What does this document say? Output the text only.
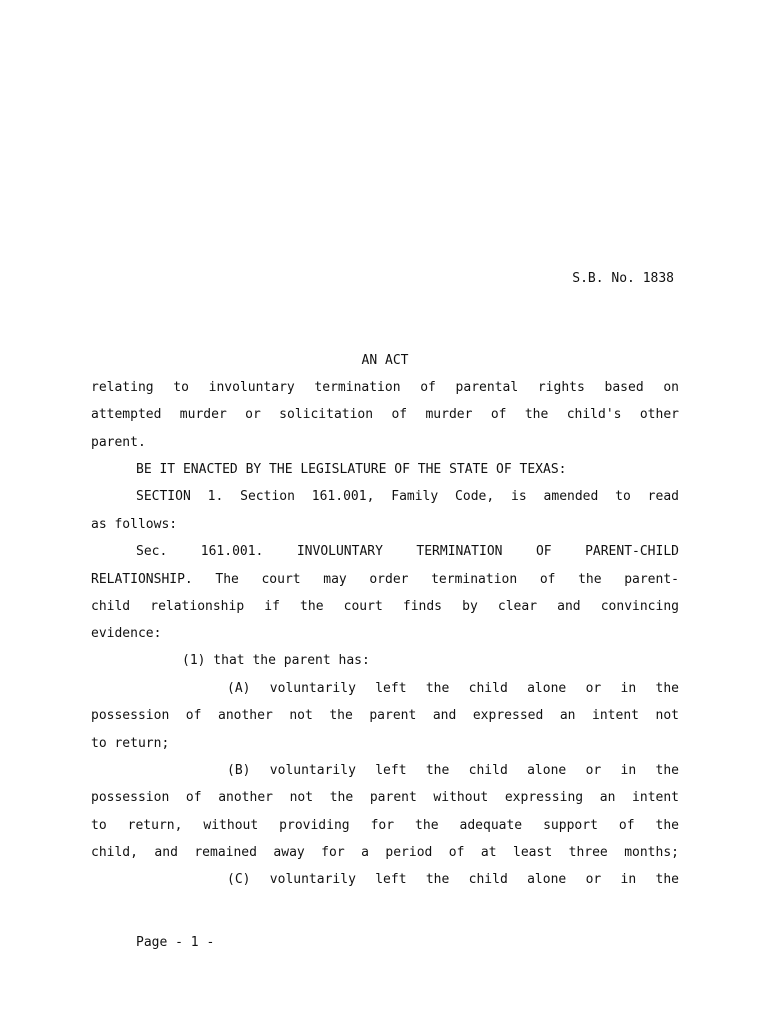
S.B. No. 1838
AN ACT
relating to involuntary termination of parental rights based on
attempted murder or solicitation of murder of the child's other
parent.
BE IT ENACTED BY THE LEGISLATURE OF THE STATE OF TEXAS:
SECTION 1. Section 161.001, Family Code, is amended to read
as follows:
Sec. 161.001. INVOLUNTARY TERMINATION OF PARENT-CHILD
RELATIONSHIP. The court may order termination of the parent-
child relationship if the court finds by clear and convincing
evidence:
(1) that the parent has:
(A) voluntarily left the child alone or in the
possession of another not the parent and expressed an intent not
to return;
(B) voluntarily left the child alone or in the
possession of another not the parent without expressing an intent
to return, without providing for the adequate support of the
child, and remained away for a period of at least three months;
(C) voluntarily left the child alone or in the
Page - 1 -
